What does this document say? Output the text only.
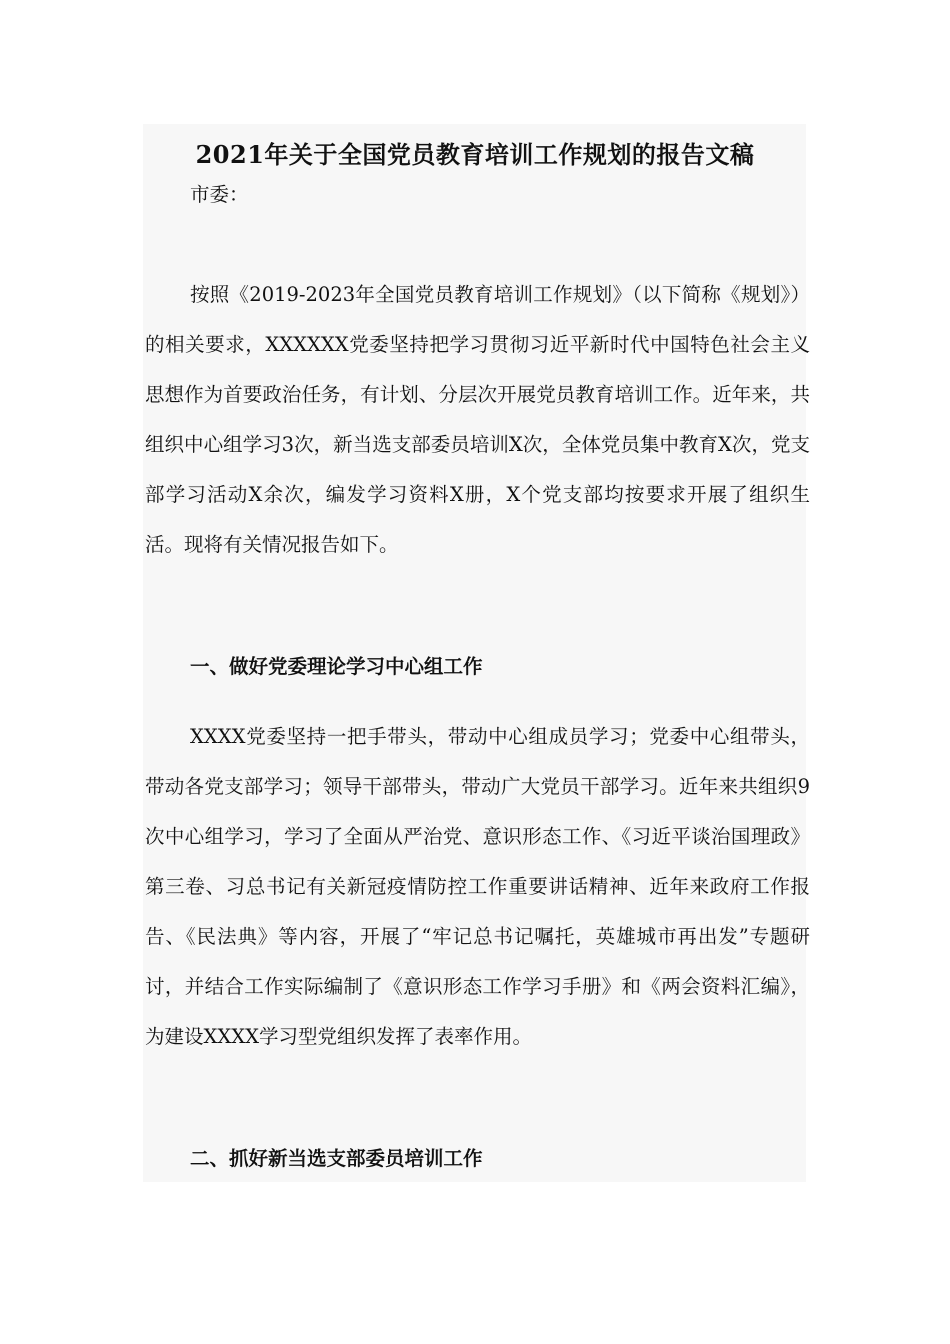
2021年关于全国党员教育培训工作规划的报告文稿

市委：

按照《2019-2023年全国党员教育培训工作规划》（以下简称《规划》）的相关要求，XXXXXX党委坚持把学习贯彻习近平新时代中国特色社会主义思想作为首要政治任务，有计划、分层次开展党员教育培训工作。近年来，共组织中心组学习3次，新当选支部委员培训X次，全体党员集中教育X次，党支部学习活动X余次，编发学习资料X册，X个党支部均按要求开展了组织生活。现将有关情况报告如下。

一、做好党委理论学习中心组工作

XXXX党委坚持一把手带头，带动中心组成员学习；党委中心组带头，带动各党支部学习；领导干部带头，带动广大党员干部学习。近年来共组织9次中心组学习，学习了全面从严治党、意识形态工作、《习近平谈治国理政》第三卷、习总书记有关新冠疫情防控工作重要讲话精神、近年来政府工作报告、《民法典》等内容，开展了“牢记总书记嘱托，英雄城市再出发”专题研讨，并结合工作实际编制了《意识形态工作学习手册》和《两会资料汇编》，为建设XXXX学习型党组织发挥了表率作用。

二、抓好新当选支部委员培训工作
